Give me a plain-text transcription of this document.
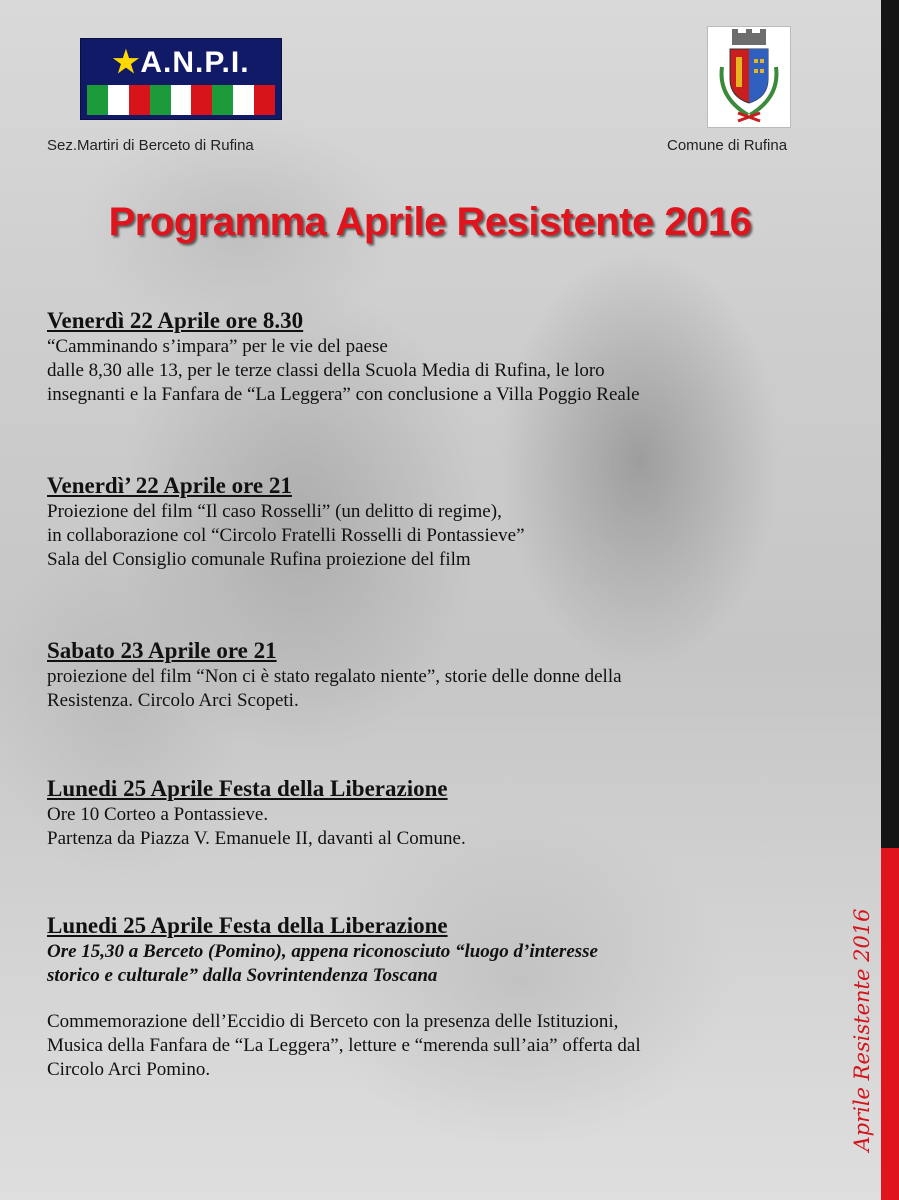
★A.N.P.I.
Sez.Martiri di Berceto di Rufina	Comune di Rufina
Programma Aprile Resistente 2016
Venerdì 22 Aprile ore 8.30
“Camminando s’impara” per le vie del paese
dalle 8,30 alle 13, per le terze classi della Scuola Media di Rufina, le loro
insegnanti e la Fanfara de “La Leggera” con conclusione a Villa Poggio Reale
Venerdì’ 22 Aprile ore 21
Proiezione del film “Il caso Rosselli” (un delitto di regime),
in collaborazione col “Circolo Fratelli Rosselli di Pontassieve”
Sala del Consiglio comunale Rufina proiezione del film
Sabato 23 Aprile ore 21
proiezione del film “Non ci è stato regalato niente”, storie delle donne della
Resistenza. Circolo Arci Scopeti.
Lunedi 25 Aprile Festa della Liberazione
Ore 10 Corteo a Pontassieve.
Partenza da Piazza V. Emanuele II, davanti al Comune.
Lunedi 25 Aprile Festa della Liberazione
Ore 15,30 a Berceto (Pomino), appena riconosciuto “luogo d’interesse
storico e culturale” dalla Sovrintendenza Toscana
Commemorazione dell’Eccidio di Berceto con la presenza delle Istituzioni,
Musica della Fanfara de “La Leggera”, letture e “merenda sull’aia” offerta dal
Circolo Arci Pomino.	Aprile Resistente 2016
